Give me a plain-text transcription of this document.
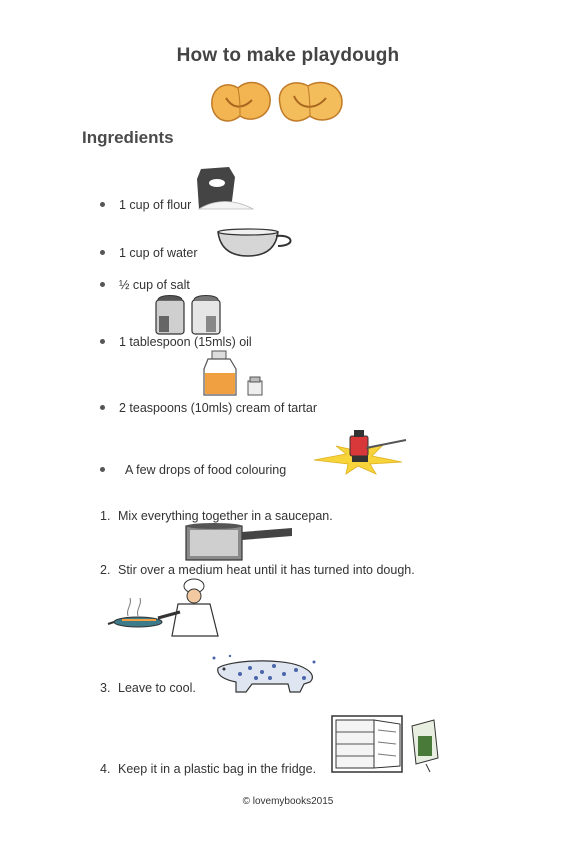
How to make playdough
Ingredients
1 cup of flour
1 cup of water
½ cup of salt
1 tablespoon (15mls) oil
2 teaspoons (10mls) cream of tartar
A few drops of food colouring
1. Mix everything together in a saucepan.
2. Stir over a medium heat until it has turned into dough.
3. Leave to cool.
4. Keep it in a plastic bag in the fridge.
© lovemybooks2015
